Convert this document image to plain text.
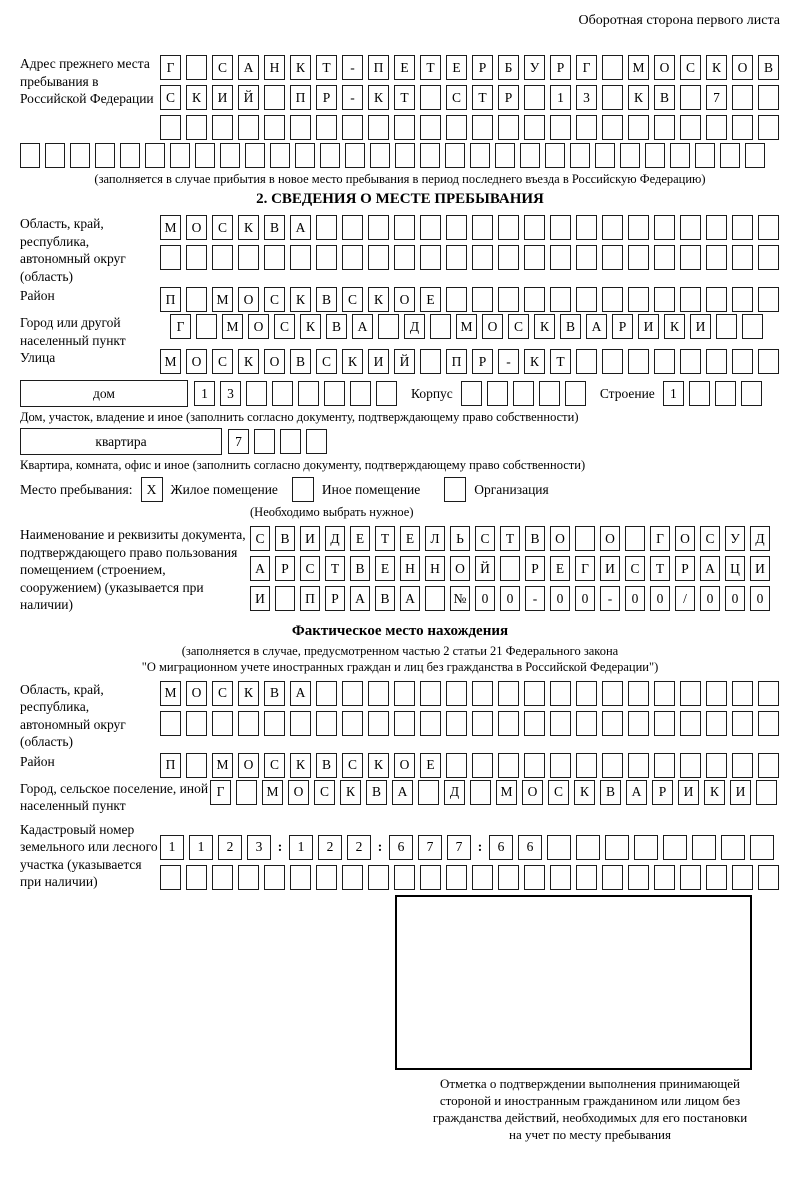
Оборотная сторона первого листа
Адрес прежнего места пребывания в Российской Федерации
Г	С	А	Н	К	Т	-	П	Е	Т	Е	Р	Б	У	Р	Г	М	О	С	К	О	В
С	К	И	Й	П	Р	-	К	Т	С	Т	Р	1	3	К	В	7
(заполняется в случае прибытия в новое место пребывания в период последнего въезда в Российскую Федерацию)
2. СВЕДЕНИЯ О МЕСТЕ ПРЕБЫВАНИЯ
Область, край, республика, автономный округ (область)
М	О	С	К	В	А
Район	П	М	О	С	К	В	С	К	О	Е
Город или другой населенный пункт
Г	М	О	С	К	В	А	Д	М	О	С	К	В	А	Р	И	К	И
Улица	М	О	С	К	О	В	С	К	И	Й	П	Р	-	К	Т
дом	1	3	Корпус	Строение	1
Дом, участок, владение и иное (заполнить согласно документу, подтверждающему право собственности)
квартира	7
Квартира, комната, офис и иное (заполнить согласно документу, подтверждающему право собственности)
Место пребывания:	X	Жилое помещение	Иное помещение	Организация
(Необходимо выбрать нужное)
Наименование и реквизиты документа, подтверждающего право пользования помещением (строением, сооружением) (указывается при наличии)
С	В	И	Д	Е	Т	Е	Л	Ь	С	Т	В	О	О	Г	О	С	У	Д
А	Р	С	Т	В	Е	Н	Н	О	Й	Р	Е	Г	И	С	Т	Р	А	Ц	И
И	П	Р	А	В	А	№	0	0	-	0	0	-	0	0	/	0	0	0
Фактическое место нахождения
(заполняется в случае, предусмотренном частью 2 статьи 21 Федерального закона
"О миграционном учете иностранных граждан и лиц без гражданства в Российской Федерации")
Область, край, республика, автономный округ (область)
М	О	С	К	В	А
Район	П	М	О	С	К	В	С	К	О	Е
Город, сельское поселение, иной населенный пункт
Г	М	О	С	К	В	А	Д	М	О	С	К	В	А	Р	И	К	И
Кадастровый номер земельного или лесного участка (указывается при наличии)
1	1	2	3	:	1	2	2	:	6	7	7	:	6	6
Отметка о подтверждении выполнения принимающей
стороной и иностранным гражданином или лицом без
гражданства действий, необходимых для его постановки
на учет по месту пребывания
